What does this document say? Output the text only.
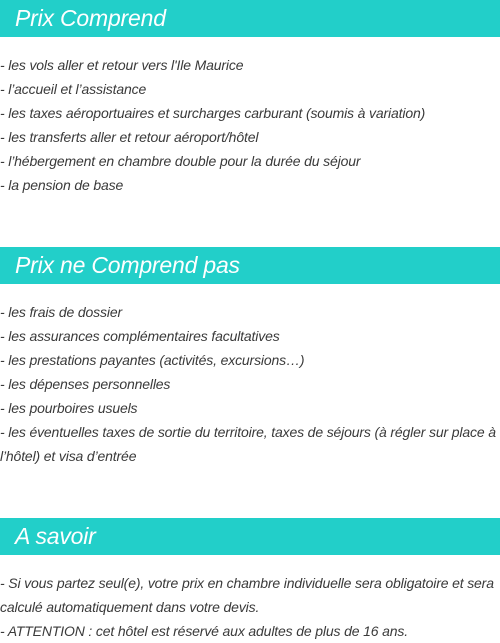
Prix Comprend
- les vols aller et retour vers l'Ile Maurice
- l’accueil et l’assistance
- les taxes aéroportuaires et surcharges carburant (soumis à variation)
- les transferts aller et retour aéroport/hôtel
- l’hébergement en chambre double pour la durée du séjour
- la pension de base
Prix ne Comprend pas
- les frais de dossier
- les assurances complémentaires facultatives
- les prestations payantes (activités, excursions…)
- les dépenses personnelles
- les pourboires usuels
- les éventuelles taxes de sortie du territoire, taxes de séjours (à régler sur place à l’hôtel) et visa d’entrée
A savoir
- Si vous partez seul(e), votre prix en chambre individuelle sera obligatoire et sera calculé automatiquement dans votre devis.
- ATTENTION : cet hôtel est réservé aux adultes de plus de 16 ans.
